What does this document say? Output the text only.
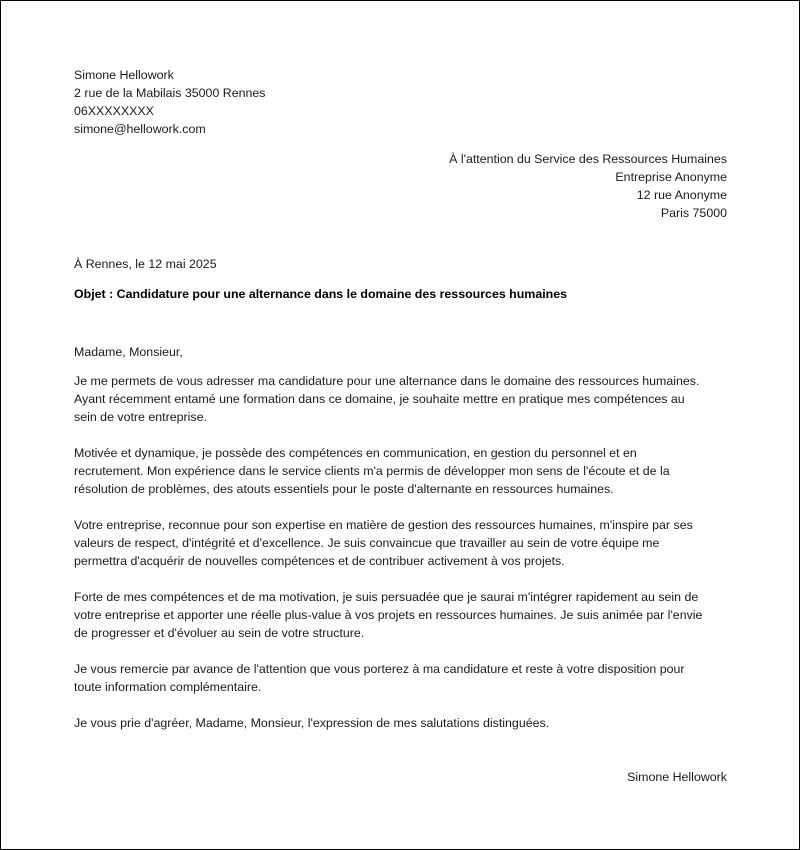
Simone Hellowork
2 rue de la Mabilais 35000 Rennes
06XXXXXXXX
simone@hellowork.com
À l'attention du Service des Ressources Humaines
Entreprise Anonyme
12 rue Anonyme
Paris 75000
À Rennes, le 12 mai 2025
Objet : Candidature pour une alternance dans le domaine des ressources humaines
Madame, Monsieur,

Je me permets de vous adresser ma candidature pour une alternance dans le domaine des ressources humaines.
Ayant récemment entamé une formation dans ce domaine, je souhaite mettre en pratique mes compétences au
sein de votre entreprise.

Motivée et dynamique, je possède des compétences en communication, en gestion du personnel et en
recrutement. Mon expérience dans le service clients m'a permis de développer mon sens de l'écoute et de la
résolution de problèmes, des atouts essentiels pour le poste d'alternante en ressources humaines.

Votre entreprise, reconnue pour son expertise en matière de gestion des ressources humaines, m'inspire par ses
valeurs de respect, d'intégrité et d'excellence. Je suis convaincue que travailler au sein de votre équipe me
permettra d'acquérir de nouvelles compétences et de contribuer activement à vos projets.

Forte de mes compétences et de ma motivation, je suis persuadée que je saurai m'intégrer rapidement au sein de
votre entreprise et apporter une réelle plus-value à vos projets en ressources humaines. Je suis animée par l'envie
de progresser et d'évoluer au sein de votre structure.

Je vous remercie par avance de l'attention que vous porterez à ma candidature et reste à votre disposition pour
toute information complémentaire.

Je vous prie d'agréer, Madame, Monsieur, l'expression de mes salutations distinguées.

Simone Hellowork
